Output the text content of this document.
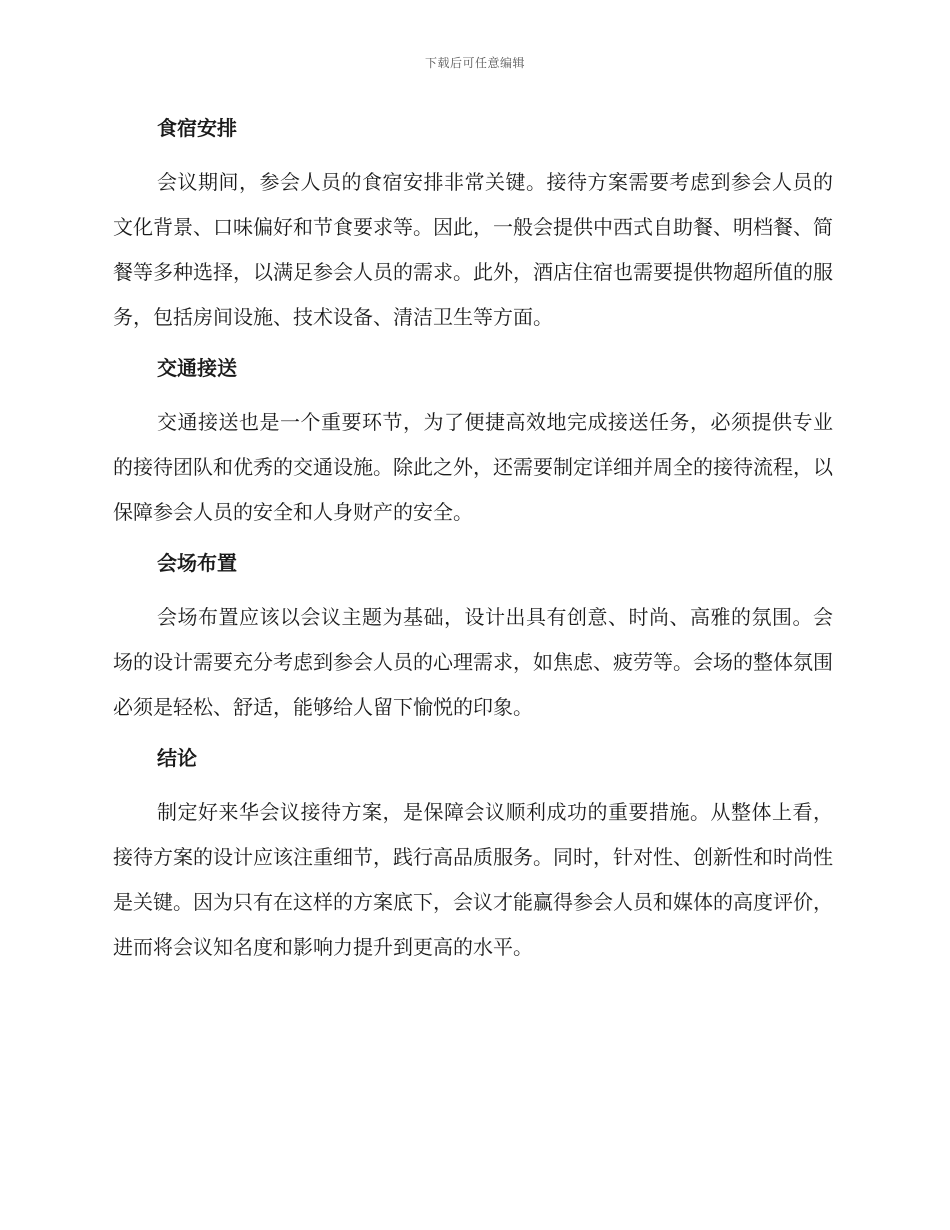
下载后可任意编辑
食宿安排

会议期间，参会人员的食宿安排非常关键。接待方案需要考虑到参会人员的文化背景、口味偏好和节食要求等。因此，一般会提供中西式自助餐、明档餐、简餐等多种选择，以满足参会人员的需求。此外，酒店住宿也需要提供物超所值的服务，包括房间设施、技术设备、清洁卫生等方面。

交通接送

交通接送也是一个重要环节，为了便捷高效地完成接送任务，必须提供专业的接待团队和优秀的交通设施。除此之外，还需要制定详细并周全的接待流程，以保障参会人员的安全和人身财产的安全。

会场布置

会场布置应该以会议主题为基础，设计出具有创意、时尚、高雅的氛围。会场的设计需要充分考虑到参会人员的心理需求，如焦虑、疲劳等。会场的整体氛围必须是轻松、舒适，能够给人留下愉悦的印象。

结论

制定好来华会议接待方案，是保障会议顺利成功的重要措施。从整体上看，接待方案的设计应该注重细节，践行高品质服务。同时，针对性、创新性和时尚性是关键。因为只有在这样的方案底下，会议才能赢得参会人员和媒体的高度评价，进而将会议知名度和影响力提升到更高的水平。
